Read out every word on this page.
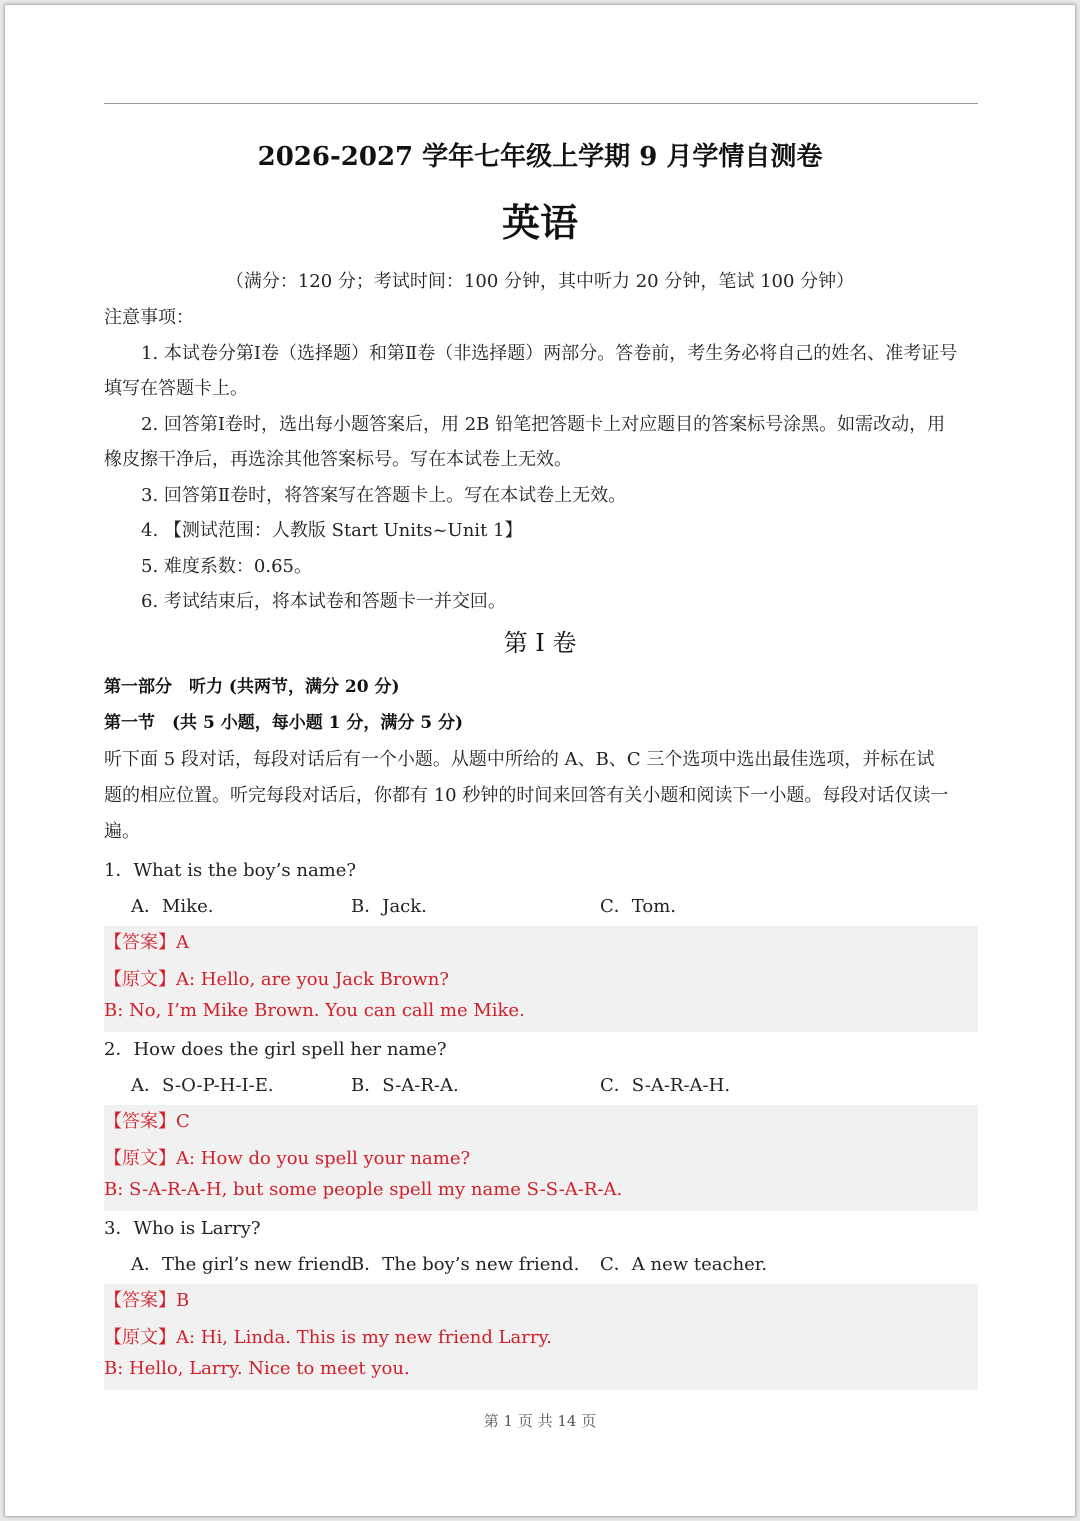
2026-2027 学年七年级上学期 9 月学情自测卷
英语
（满分：120 分；考试时间：100 分钟，其中听力 20 分钟，笔试 100 分钟）
注意事项：
1. 本试卷分第Ⅰ卷（选择题）和第Ⅱ卷（非选择题）两部分。答卷前，考生务必将自己的姓名、准考证号
填写在答题卡上。
2. 回答第Ⅰ卷时，选出每小题答案后，用 2B 铅笔把答题卡上对应题目的答案标号涂黑。如需改动，用
橡皮擦干净后，再选涂其他答案标号。写在本试卷上无效。
3. 回答第Ⅱ卷时，将答案写在答题卡上。写在本试卷上无效。
4. 【测试范围：人教版 Start Units~Unit 1】
5. 难度系数：0.65。
6. 考试结束后，将本试卷和答题卡一并交回。
第 I 卷
第一部分　听力 (共两节，满分 20 分)
第一节　(共 5 小题，每小题 1 分，满分 5 分)
听下面 5 段对话，每段对话后有一个小题。从题中所给的 A、B、C 三个选项中选出最佳选项，并标在试
题的相应位置。听完每段对话后，你都有 10 秒钟的时间来回答有关小题和阅读下一小题。每段对话仅读一
遍。
1．What is the boy’s name?
A．Mike.	B．Jack.	C．Tom.
【答案】A
【原文】A: Hello, are you Jack Brown?
B: No, I’m Mike Brown. You can call me Mike.
2．How does the girl spell her name?
A．S-O-P-H-I-E.	B．S-A-R-A.	C．S-A-R-A-H.
【答案】C
【原文】A: How do you spell your name?
B: S-A-R-A-H, but some people spell my name S-S-A-R-A.
3．Who is Larry?
A．The girl’s new friend.
B．The boy’s new friend. C．A new teacher.
【答案】B
【原文】A: Hi, Linda. This is my new friend Larry.
B: Hello, Larry. Nice to meet you.
第 1 页 共 14 页
